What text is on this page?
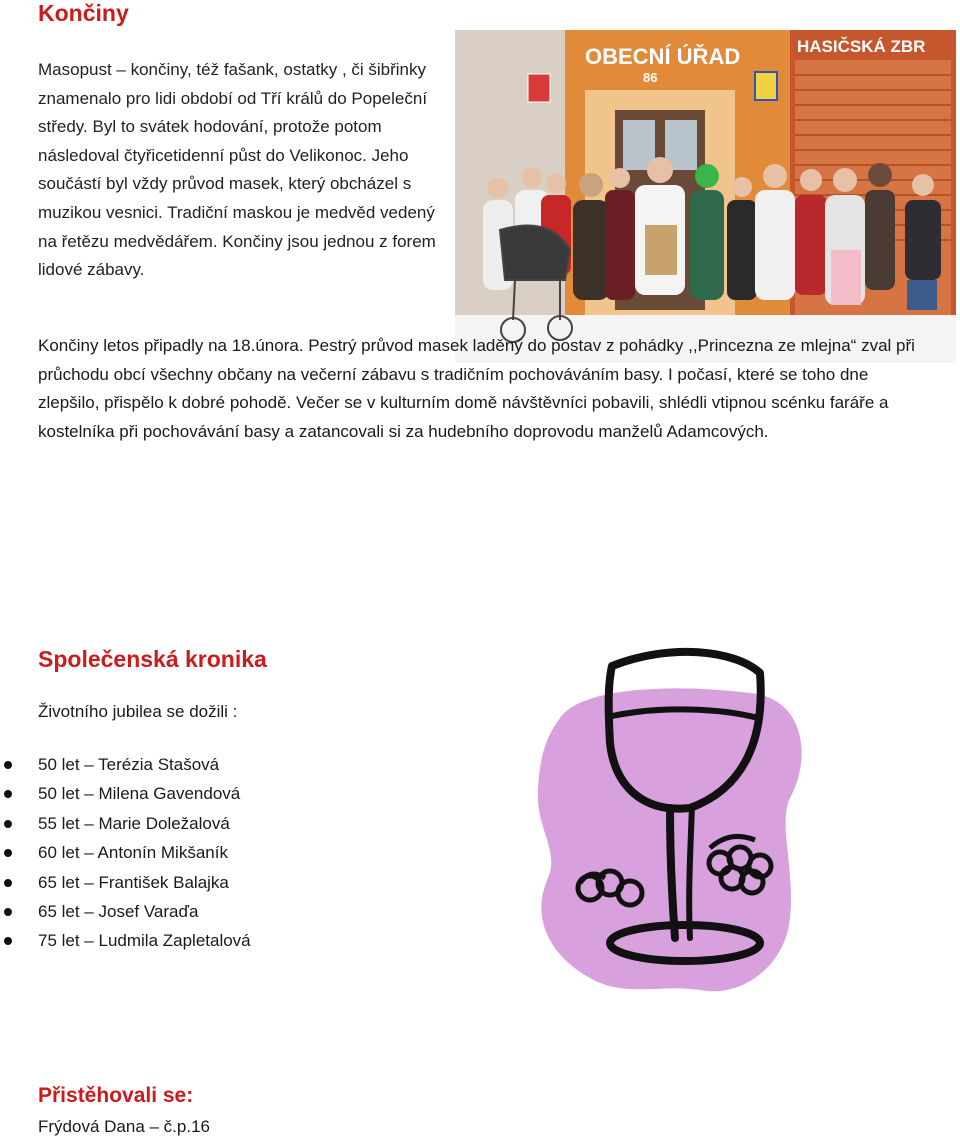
Končiny

Masopust – končiny, též fašank, ostatky , či šibřinky znamenalo pro lidi období od Tří králů do Popeleční středy. Byl to svátek hodování, protože potom následoval čtyřicetidenní půst do Velikonoc. Jeho součástí byl vždy průvod masek, který obcházel s muzikou vesnici. Tradiční maskou je medvěd vedený na řetězu medvědářem. Končiny jsou jednou z forem lidové zábavy.

OBECNÍ ÚŘAD
86
HASIČSKÁ ZBR

Končiny letos připadly na 18.února. Pestrý průvod masek laděný do postav z pohádky ,,Princezna ze mlejna“ zval při průchodu obcí všechny občany na večerní zábavu s tradičním pochováváním basy. I počasí, které se toho dne zlepšilo, přispělo k dobré pohodě. Večer se v kulturním domě návštěvníci pobavili, shlédli vtipnou scénku faráře a kostelníka při pochovávání basy a zatancovali si za hudebního doprovodu manželů Adamcových.

Společenská kronika

Životního jubilea se dožili :

50 let – Terézia Stašová
50 let – Milena Gavendová
55 let – Marie Doležalová
60 let – Antonín Mikšaník
65 let – František Balajka
65 let – Josef Varaďa
75 let – Ludmila Zapletalová
Přistěhovali se:

Frýdová Dana – č.p.16
